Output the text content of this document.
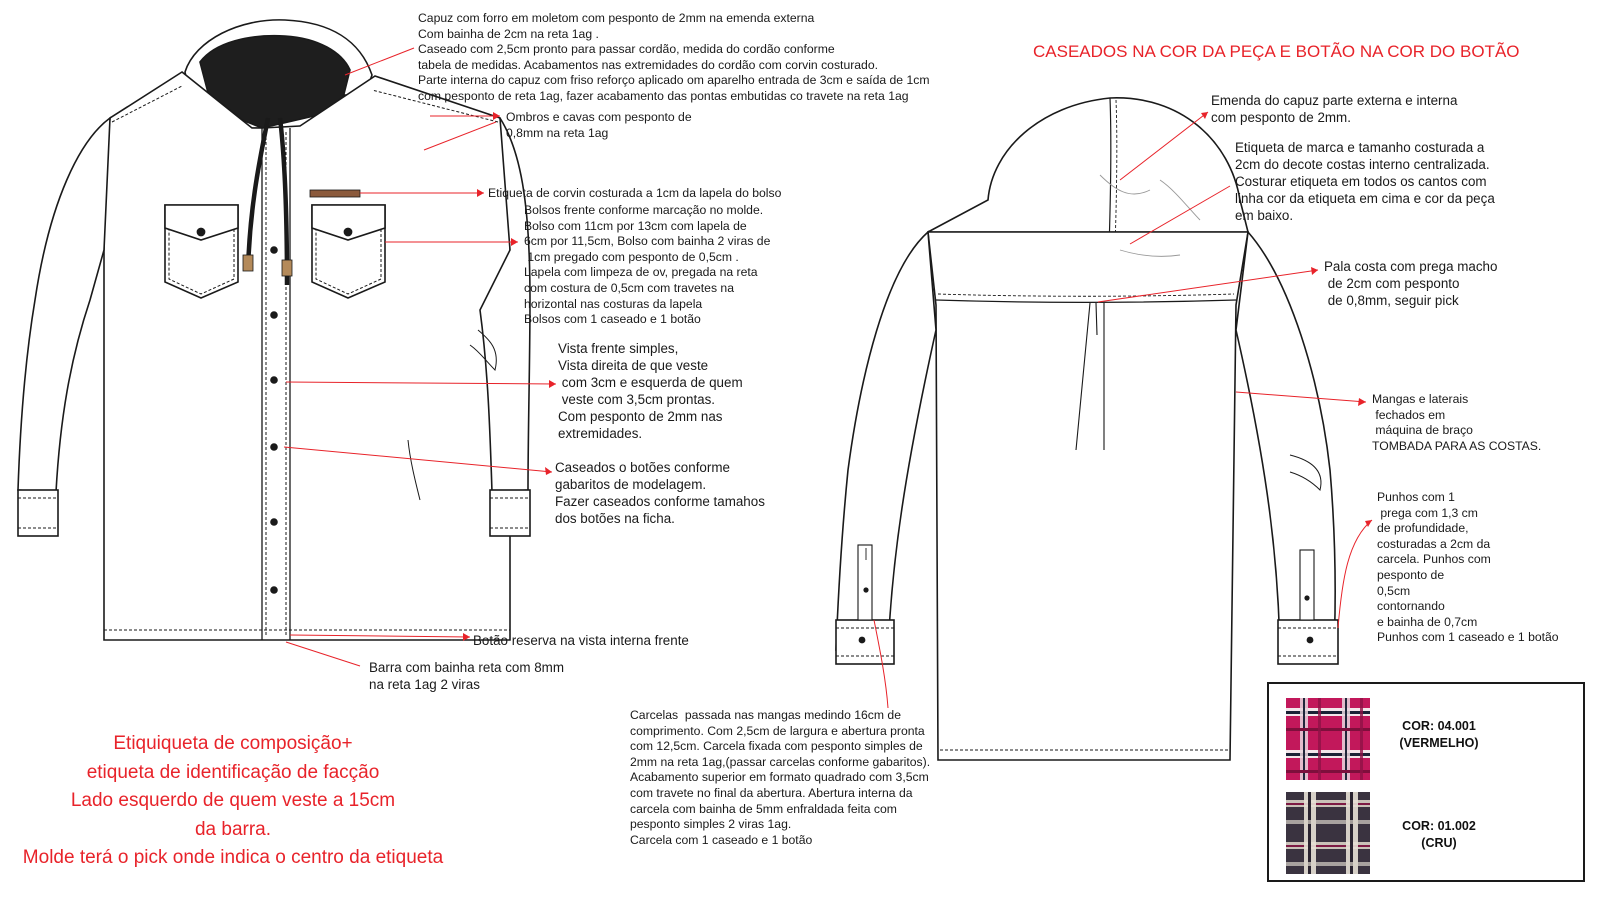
Capuz com forro em moletom com pesponto de 2mm na emenda externa
Com bainha de 2cm na reta 1ag .
Caseado com 2,5cm pronto para passar cordão, medida do cordão conforme
tabela de medidas. Acabamentos nas extremidades do cordão com corvin costurado.
Parte interna do capuz com friso reforço aplicado om aparelho entrada de 3cm e saída de 1cm
com pesponto de reta 1ag, fazer acabamento das pontas embutidas co travete na reta 1ag
Ombros e cavas com pesponto de
0,8mm na reta 1ag
Etiqueta de corvin costurada a 1cm da lapela do bolso
Bolsos frente conforme marcação no molde.
Bolso com 11cm por 13cm com lapela de
6cm por 11,5cm, Bolso com bainha 2 viras de
1cm pregado com pesponto de 0,5cm .
Lapela com limpeza de ov, pregada na reta
com costura de 0,5cm com travetes na
horizontal nas costuras da lapela
Bolsos com 1 caseado e 1 botão
Vista frente simples,
Vista direita de que veste
com 3cm e esquerda de quem
veste com 3,5cm prontas.
Com pesponto de 2mm nas
extremidades.
Caseados o botões conforme
gabaritos de modelagem.
Fazer caseados conforme tamahos
dos botões na ficha.
Botão reserva na vista interna frente
Barra com bainha reta com 8mm
na reta 1ag 2 viras
Etiquiqueta de composição+
etiqueta de identificação de facção
Lado esquerdo de quem veste a 15cm
da barra.
Molde terá o pick onde indica o centro da etiqueta
CASEADOS NA COR DA PEÇA E BOTÃO NA COR DO BOTÃO
Emenda do capuz parte externa e interna
com pesponto de 2mm.
Etiqueta de marca e tamanho costurada a
2cm do decote costas interno centralizada.
Costurar etiqueta em todos os cantos com
linha cor da etiqueta em cima e cor da peça
em baixo.
Pala costa com prega macho
de 2cm com pesponto
de 0,8mm, seguir pick
Mangas e laterais
fechados em
máquina de braço
TOMBADA PARA AS COSTAS.
Punhos com 1
prega com 1,3 cm
de profundidade,
costuradas a 2cm da
carcela. Punhos com
pesponto de
0,5cm
contornando
e bainha de 0,7cm
Punhos com 1 caseado e 1 botão
Carcelas  passada nas mangas medindo 16cm de
comprimento. Com 2,5cm de largura e abertura pronta
com 12,5cm. Carcela fixada com pesponto simples de
2mm na reta 1ag,(passar carcelas conforme gabaritos).
Acabamento superior em formato quadrado com 3,5cm
com travete no final da abertura. Abertura interna da
carcela com bainha de 5mm enfraldada feita com
pesponto simples 2 viras 1ag.
Carcela com 1 caseado e 1 botão
COR: 04.001
(VERMELHO)
COR: 01.002
(CRU)
